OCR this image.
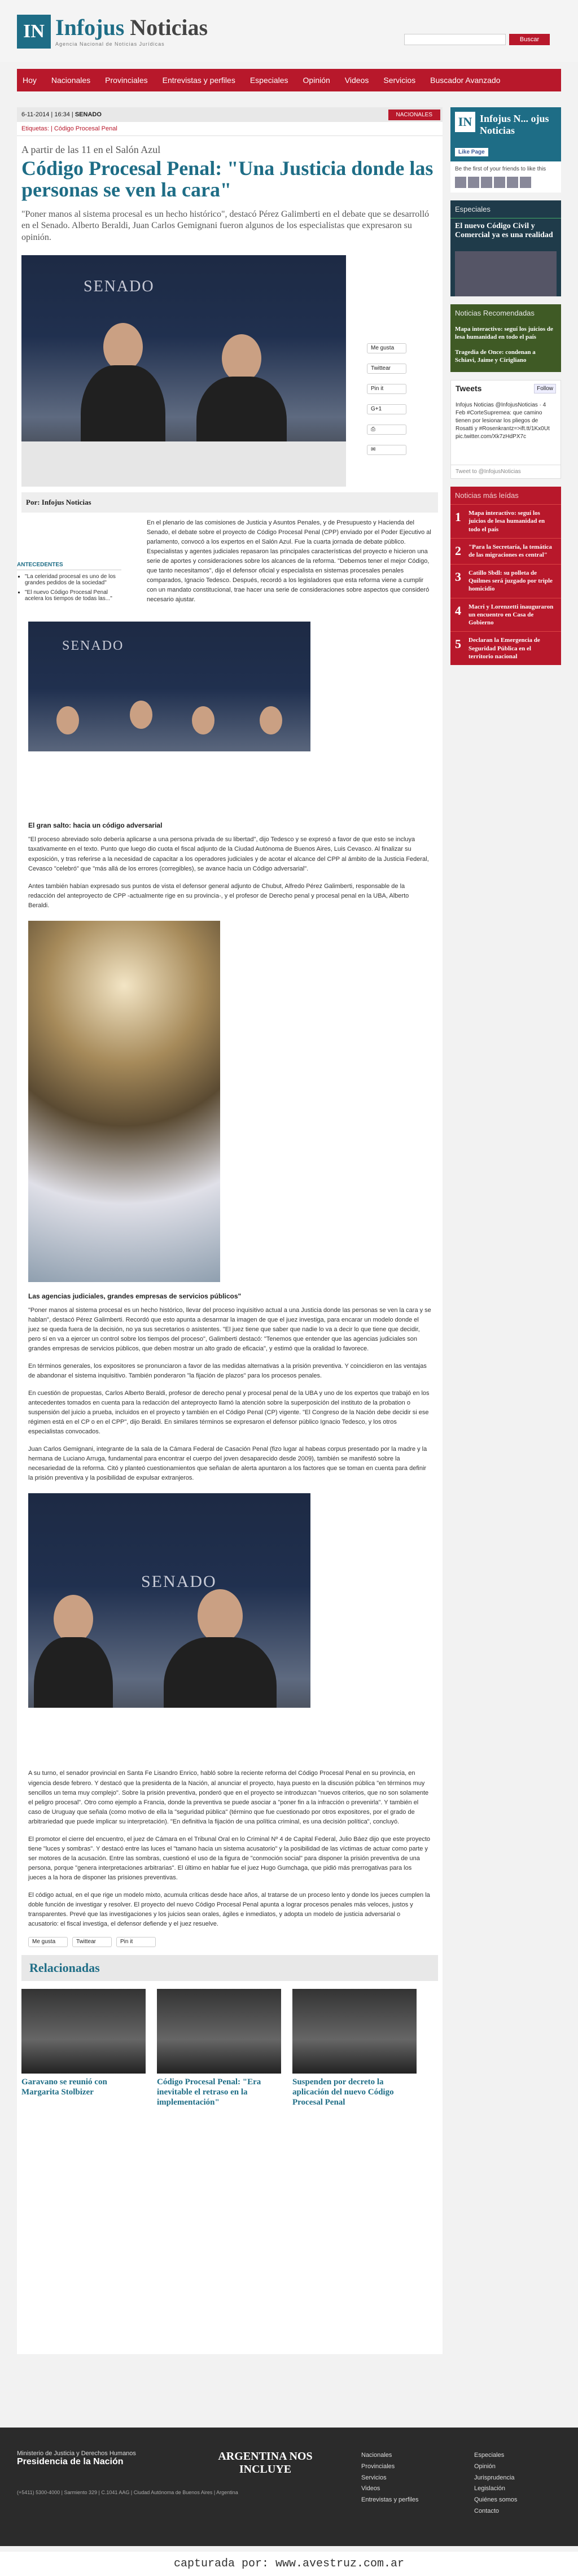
IN Infojus Noticias
Agencia Nacional de Noticias Jurídicas
Buscar
Hoy Nacionales Provinciales Entrevistas y perfiles Especiales Opinión Videos Servicios Buscador Avanzado
6-11-2014 | 16:34 | SENADO	NACIONALES
Etiquetas: | Código Procesal Penal
A partir de las 11 en el Salón Azul
Código Procesal Penal: "Una Justicia donde las personas se ven la cara"
"Poner manos al sistema procesal es un hecho histórico", destacó Pérez Galimberti en el debate que se desarrolló en el Senado. Alberto Beraldi, Juan Carlos Gemignani fueron algunos de los especialistas que expresaron su opinión.
SENADO
Me gusta
Twittear
Pin it
G+1
⎙
✉
Por: Infojus Noticias

En el plenario de las comisiones de Justicia y Asuntos Penales, y de Presupuesto y Hacienda del Senado, el debate sobre el proyecto de Código Procesal Penal (CPP) enviado por el Poder Ejecutivo al parlamento, convocó a los expertos en el Salón Azul. Fue la cuarta jornada de debate público. Especialistas y agentes judiciales repasaron las principales características del proyecto e hicieron una serie de aportes y consideraciones sobre los alcances de la reforma. "Debemos tener el mejor Código, que tanto necesitamos", dijo el defensor oficial y especialista en sistemas procesales penales comparados, Ignacio Tedesco. Después, recordó a los legisladores que esta reforma viene a cumplir con un mandato constitucional, trae hacer una serie de consideraciones sobre aspectos que consideró necesario ajustar.

SENADO
El gran salto: hacia un código adversarial

"El proceso abreviado solo debería aplicarse a una persona privada de su libertad", dijo Tedesco y se expresó a favor de que esto se incluya taxativamente en el texto. Punto que luego dio cuota el fiscal adjunto de la Ciudad Autónoma de Buenos Aires, Luis Cevasco. Al finalizar su exposición, y tras referirse a la necesidad de capacitar a los operadores judiciales y de acotar el alcance del CPP al ámbito de la Justicia Federal, Cevasco "celebró" que "más allá de los errores (corregibles), se avance hacia un Código adversarial".

Antes también habían expresado sus puntos de vista el defensor general adjunto de Chubut, Alfredo Pérez Galimberti, responsable de la redacción del anteproyecto de CPP -actualmente rige en su provincia-, y el profesor de Derecho penal y procesal penal en la UBA, Alberto Beraldi.

Las agencias judiciales, grandes empresas de servicios públicos"

"Poner manos al sistema procesal es un hecho histórico, llevar del proceso inquisitivo actual a una Justicia donde las personas se ven la cara y se hablan", destacó Pérez Galimberti. Recordó que esto apunta a desarmar la imagen de que el juez investiga, para encarar un modelo donde el juez se queda fuera de la decisión, no ya sus secretarios o asistentes. "El juez tiene que saber que nadie lo va a decir lo que tiene que decidir, pero sí en va a ejercer un control sobre los tiempos del proceso", Galimberti destacó: "Tenemos que entender que las agencias judiciales son grandes empresas de servicios públicos, que deben mostrar un alto grado de eficacia", y estimó que la oralidad lo favorece.

En términos generales, los expositores se pronunciaron a favor de las medidas alternativas a la prisión preventiva. Y coincidieron en las ventajas de abandonar el sistema inquisitivo. También ponderaron "la fijación de plazos" para los procesos penales.

En cuestión de propuestas, Carlos Alberto Beraldi, profesor de derecho penal y procesal penal de la UBA y uno de los expertos que trabajó en los antecedentes tomados en cuenta para la redacción del anteproyecto llamó la atención sobre la superposición del instituto de la probation o suspensión del juicio a prueba, incluidos en el proyecto y también en el Código Penal (CP) vigente. "El Congreso de la Nación debe decidir si ese régimen está en el CP o en el CPP", dijo Beraldi. En similares términos se expresaron el defensor público Ignacio Tedesco, y los otros especialistas convocados.

Juan Carlos Gemignani, integrante de la sala de la Cámara Federal de Casación Penal (fizo lugar al habeas corpus presentado por la madre y la hermana de Luciano Arruga, fundamental para encontrar el cuerpo del joven desaparecido desde 2009), también se manifestó sobre la necesariedad de la reforma. Citó y planteó cuestionamientos que señalan de alerta apuntaron a los factores que se toman en cuenta para definir la prisión preventiva y la posibilidad de expulsar extranjeros.

SENADO

A su turno, el senador provincial en Santa Fe Lisandro Enrico, habló sobre la reciente reforma del Código Procesal Penal en su provincia, en vigencia desde febrero. Y destacó que la presidenta de la Nación, al anunciar el proyecto, haya puesto en la discusión pública "en términos muy sencillos un tema muy complejo". Sobre la prisión preventiva, ponderó que en el proyecto se introduzcan "nuevos criterios, que no son solamente el peligro procesal". Otro como ejemplo a Francia, donde la preventiva se puede asociar a "poner fin a la infracción o prevenirla". Y también el caso de Uruguay que señala (como motivo de ella la "seguridad pública" (término que fue cuestionado por otros expositores, por el grado de arbitrariedad que puede implicar su interpretación). "En definitiva la fijación de una política criminal, es una decisión política", concluyó.

El promotor el cierre del encuentro, el juez de Cámara en el Tribunal Oral en lo Criminal Nº 4 de Capital Federal, Julio Báez dijo que este proyecto tiene "luces y sombras". Y destacó entre las luces el "tamano hacia un sistema acusatorio" y la posibilidad de las víctimas de actuar como parte y ser motores de la acusación. Entre las sombras, cuestionó el uso de la figura de "conmoción social" para disponer la prisión preventiva de una persona, porque "genera interpretaciones arbitrarias". El último en hablar fue el juez Hugo Gumchaga, que pidió más prerrogativas para los jueces a la hora de disponer las prisiones preventivas.

El código actual, en el que rige un modelo mixto, acumula críticas desde hace años, al tratarse de un proceso lento y donde los jueces cumplen la doble función de investigar y resolver. El proyecto del nuevo Código Procesal Penal apunta a lograr procesos penales más veloces, justos y transparentes. Prevé que las investigaciones y los juicios sean orales, ágiles e inmediatos, y adopta un modelo de justicia adversarial o acusatorio: el fiscal investiga, el defensor defiende y el juez resuelve.

Me gusta	Twittear	Pin it
Relacionadas
Garavano se reunió con Margarita Stolbizer
Código Procesal Penal: "Era inevitable el retraso en la implementación"
Suspenden por decreto la aplicación del nuevo Código Procesal Penal
ANTECEDENTES
▪ "La celeridad procesal es uno de los grandes pedidos de la sociedad"
▪ "El nuevo Código Procesal Penal acelera los tiempos de todas las..."
IN Infojus N... ojus Noticias
Like Page
Be the first of your friends to like this
Especiales
El nuevo Código Civil y Comercial ya es una realidad
Noticias Recomendadas
Mapa interactivo: seguí los juicios de lesa humanidad en todo el país
Tragedia de Once: condenan a Schiavi, Jaime y Cirigliano
Tweets	Follow
Infojus Noticias @InfojusNoticias · 4 Feb #CorteSupremea: que camino tienen por lesionar los pliegos de Rosatti y #Rosenkrantz=>ift.tt/1Kx0Ut pic.twitter.com/Xk7zHdPX7c
Tweet to @InfojusNoticias
Noticias más leídas
1	Mapa interactivo: seguí los juicios de lesa humanidad en todo el país
2	"Para la Secretaría, la temática de las migraciones es central"
3	Catillo Sbdl: su polleta de Quilmes será juzgado por triple homicidio
4	Macri y Lorenzetti inauguraron un encuentro en Casa de Gobierno
5	Declaran la Emergencia de Seguridad Pública en el territorio nacional
Ministerio de Justicia y Derechos Humanos
Presidencia de la Nación	ARGENTINA NOS INCLUYE
Nacionales
Provinciales
Servicios
Videos
Entrevistas y perfiles
Especiales
Opinión
Jurisprudencia
Legislación
Quiénes somos
Contacto
(+5411) 5300-4000 | Sarmiento 329 | C.1041 AAG | Ciudad Autónoma de Buenos Aires | Argentina
capturada por: www.avestruz.com.ar
